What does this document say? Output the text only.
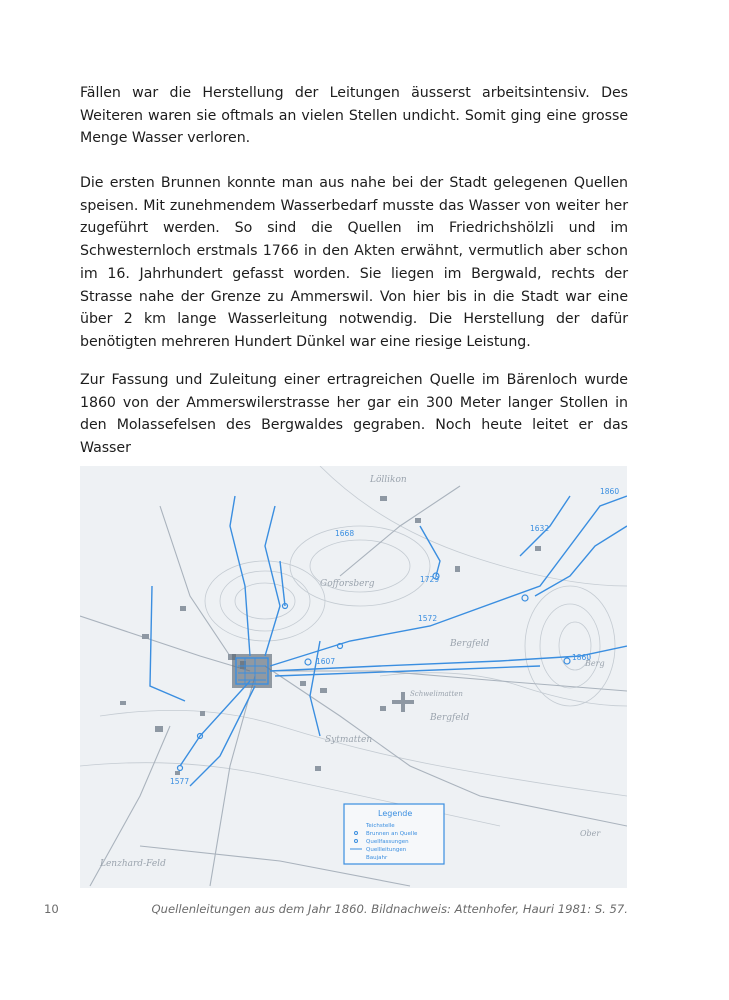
Fällen war die Herstellung der Leitungen äusserst arbeitsintensiv. Des Weiteren waren sie oftmals an vielen Stellen undicht. Somit ging eine grosse Menge Wasser verloren.

Die ersten Brunnen konnte man aus nahe bei der Stadt gelegenen Quellen speisen. Mit zunehmendem Wasserbedarf musste das Wasser von weiter her zugeführt werden. So sind die Quellen im Friedrichshölzli und im Schwesternloch erstmals 1766 in den Akten erwähnt, vermutlich aber schon im 16. Jahrhundert gefasst worden. Sie liegen im Bergwald, rechts der Strasse nahe der Grenze zu Ammerswil. Von hier bis in die Stadt war eine über 2 km lange Wasserleitung notwendig. Die Herstellung der dafür benötigten mehreren Hundert Dünkel war eine riesige Leistung.

Zur Fassung und Zuleitung einer ertragreichen Quelle im Bärenloch wurde 1860 von der Ammerswilerstrasse her gar ein 300 Meter langer Stollen in den Molassefelsen des Bergwaldes gegraben. Noch heute leitet er das Wasser

Löllikon
Gofforsberg
Bergfeld
Bergfeld
Lenzhard-Feld
Schwelimatten
Sytmatten
Ober
Berg
1860
1632
1668
1729
1572
1607
1577
1860
Legende
Teichstelle
Brunnen an Quelle
Quellfassungen
Quellleitungen
Baujahr
10	Quellenleitungen aus dem Jahr 1860. Bildnachweis: Attenhofer, Hauri 1981: S. 57.
